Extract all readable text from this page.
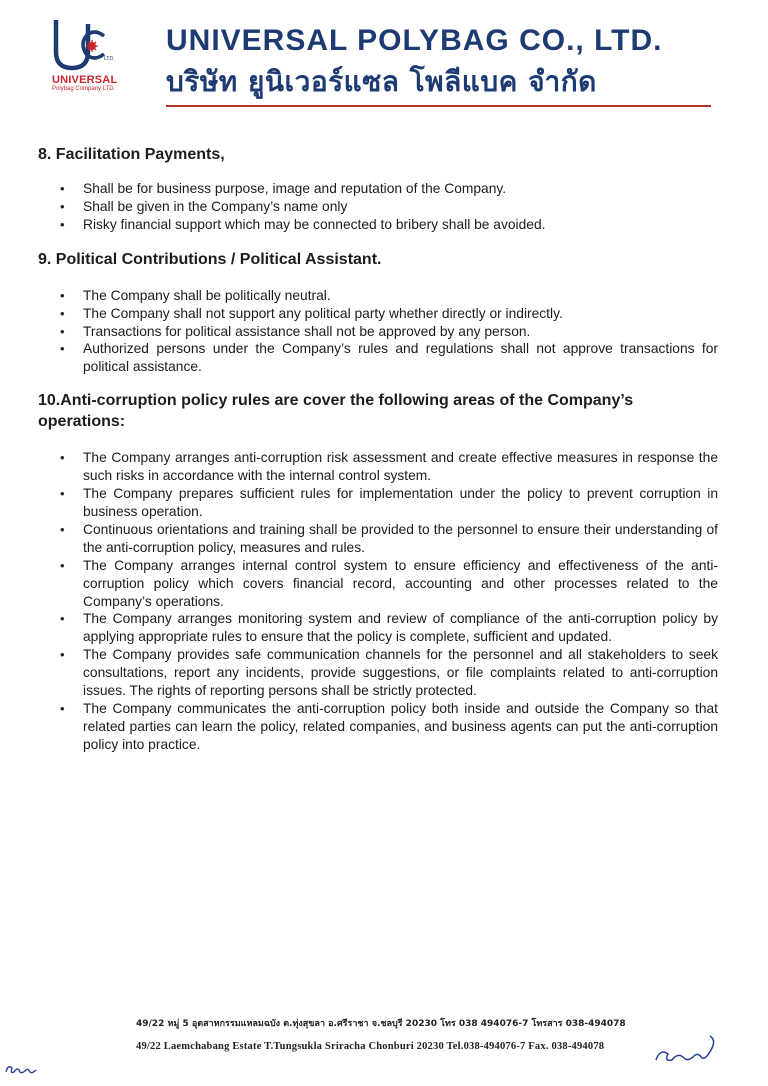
LTD.
UNIVERSAL
Polybag Company LTD.
UNIVERSAL POLYBAG CO., LTD.
บริษัท ยูนิเวอร์แซล โพลีแบค จำกัด
8. Facilitation Payments,
• Shall be for business purpose, image and reputation of the Company.
• Shall be given in the Company’s name only
• Risky financial support which may be connected to bribery shall be avoided.
9. Political Contributions / Political Assistant.
• The Company shall be politically neutral.
• The Company shall not support any political party whether directly or indirectly.
• Transactions for political assistance shall not be approved by any person.
• Authorized persons under the Company’s rules and regulations shall not approve transactions for political assistance.
10.Anti-corruption policy rules are cover the following areas of the Company’s operations:
• The Company arranges anti-corruption risk assessment and create effective measures in response the such risks in accordance with the internal control system.
• The Company prepares sufficient rules for implementation under the policy to prevent corruption in business operation.
• Continuous orientations and training shall be provided to the personnel to ensure their understanding of the anti-corruption policy, measures and rules.
• The Company arranges internal control system to ensure efficiency and effectiveness of the anti-corruption policy which covers financial record, accounting and other processes related to the Company’s operations.
• The Company arranges monitoring system and review of compliance of the anti-corruption policy by applying appropriate rules to ensure that the policy is complete, sufficient and updated.
• The Company provides safe communication channels for the personnel and all stakeholders to seek consultations, report any incidents, provide suggestions, or file complaints related to anti-corruption issues. The rights of reporting persons shall be strictly protected.
• The Company communicates the anti-corruption policy both inside and outside the Company so that related parties can learn the policy, related companies, and business agents can put the anti-corruption policy into practice.
49/22 หมู่ 5 อุตสาหกรรมแหลมฉบัง ต.ทุ่งสุขลา อ.ศรีราชา จ.ชลบุรี 20230 โทร 038 494076-7 โทรสาร 038-494078
49/22 Laemchabang Estate T.Tungsukla Sriracha Chonburi 20230 Tel.038-494076-7 Fax. 038-494078
